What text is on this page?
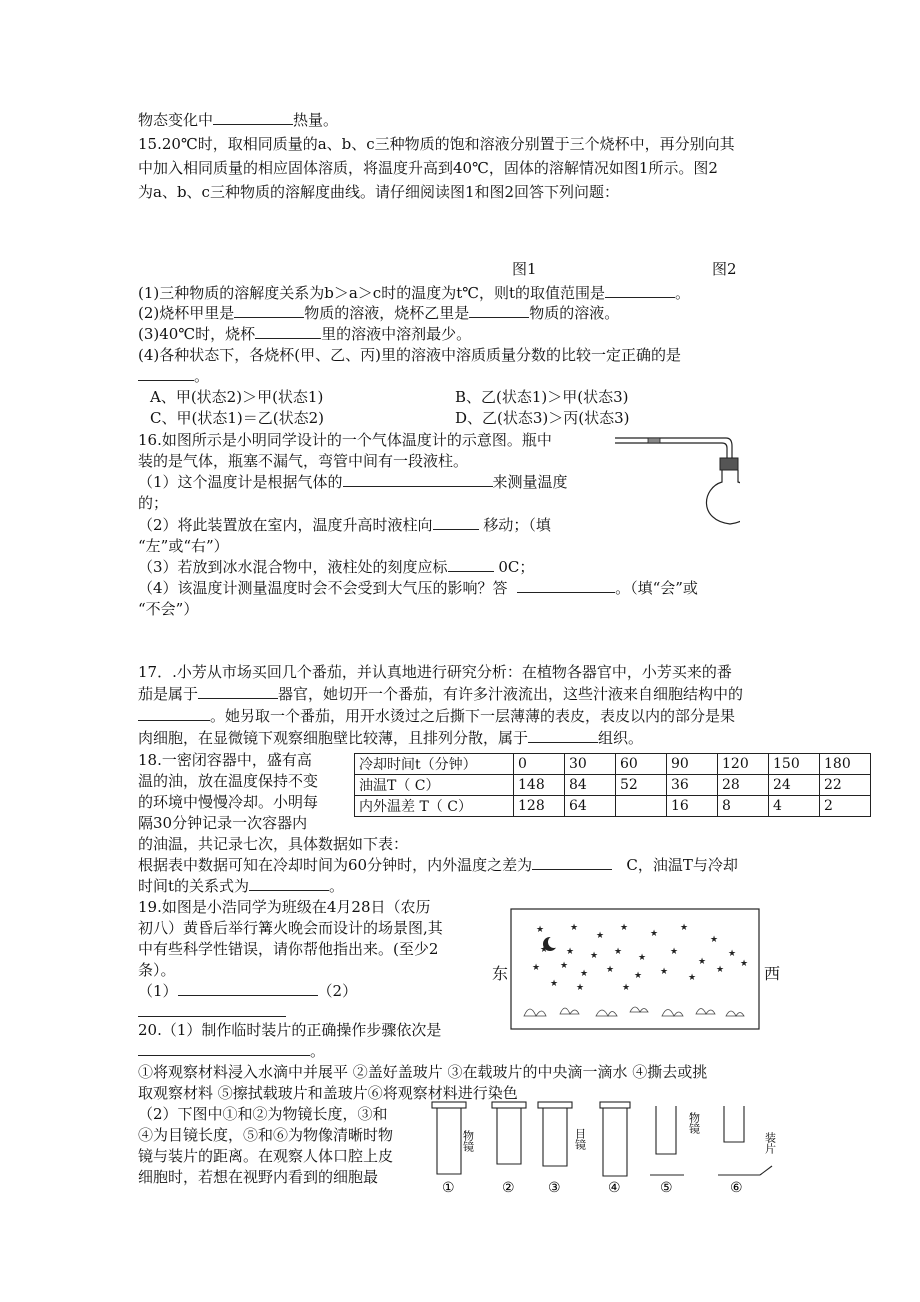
物态变化中	热量。
15.20℃时，取相同质量的a、b、c三种物质的饱和溶液分别置于三个烧杯中，再分别向其
中加入相同质量的相应固体溶质，将温度升高到40℃，固体的溶解情况如图1所示。图2
为a、b、c三种物质的溶解度曲线。请仔细阅读图1和图2回答下列问题：
图1	图2
(1)三种物质的溶解度关系为b＞a＞c时的温度为t℃，则t的取值范围是	。
(2)烧杯甲里是	物质的溶液，烧杯乙里是	物质的溶液。
(3)40℃时，烧杯	里的溶液中溶剂最少。
(4)各种状态下，各烧杯(甲、乙、丙)里的溶液中溶质质量分数的比较一定正确的是
。
A、甲(状态2)＞甲(状态1)	B、乙(状态1)＞甲(状态3)
C、甲(状态1)＝乙(状态2)	D、乙(状态3)＞丙(状态3)
16.如图所示是小明同学设计的一个气体温度计的示意图。瓶中
装的是气体，瓶塞不漏气，弯管中间有一段液柱。
（1）这个温度计是根据气体的	来测量温度
的；
（2）将此装置放在室内，温度升高时液柱向	移动；（填
“左”或“右”）
（3）若放到冰水混合物中，液柱处的刻度应标	0C；
（4）该温度计测量温度时会不会受到大气压的影响？答	。（填“会”或
“不会”）
17．.小芳从市场买回几个番茄，并认真地进行研究分析：在植物各器官中，小芳买来的番
茄是属于	器官，她切开一个番茄，有许多汁液流出，这些汁液来自细胞结构中的
。她另取一个番茄，用开水烫过之后撕下一层薄薄的表皮，表皮以内的部分是果
肉细胞，在显微镜下观察细胞壁比较薄，且排列分散，属于	组织。
18.一密闭容器中，盛有高
温的油，放在温度保持不变
的环境中慢慢冷却。小明每
隔30分钟记录一次容器内
的油温，共记录七次，具体数据如下表：
根据表中数据可知在冷却时间为60分钟时，内外温度之差为	C，油温T与冷却
时间t的关系式为	。
冷却时间t（分钟）	0	30	60	90	120	150	180
油温T（ C）	148	84	52	36	28	24	22
内外温差 T（ C）	128	64		16	8	4	2
19.如图是小浩同学为班级在4月28日（农历
初八）黄昏后举行篝火晚会而设计的场景图,其
中有些科学性错误，请你帮他指出来。(至少2
条）。
（1）	（2）
东	西
★	★
★
★
★
★
★
★ ★ ★ ★
★
★
★
★
★ ★
★ ★
★ ★
★
★
★
★ ★	★
20.（1）制作临时装片的正确操作步骤依次是
。
①将观察材料浸入水滴中并展平 ②盖好盖玻片 ③在载玻片的中央滴一滴水 ④撕去或挑
取观察材料 ⑤擦拭载玻片和盖玻片⑥将观察材料进行染色
（2）下图中①和②为物镜长度，③和
④为目镜长度，⑤和⑥为物像清晰时物
镜与装片的距离。在观察人体口腔上皮
细胞时，若想在视野内看到的细胞最
物镜	目镜
物镜
装片
①	② ③	④	⑤	⑥
